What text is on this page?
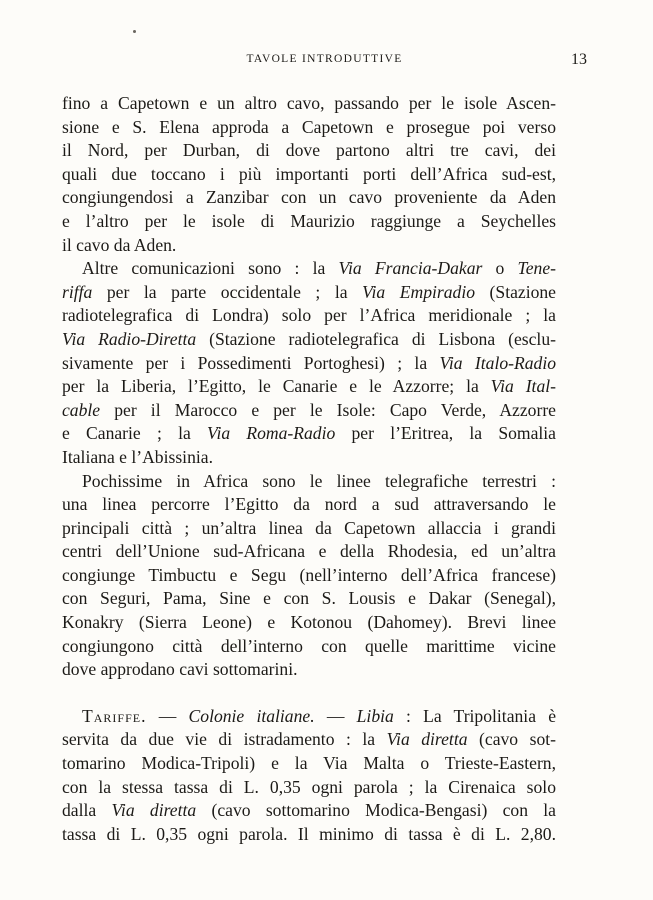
TAVOLE INTRODUTTIVE	13
fino a Capetown e un altro cavo, passando per le isole Ascen-
sione e S. Elena approda a Capetown e prosegue poi verso
il Nord, per Durban, di dove partono altri tre cavi, dei
quali due toccano i più importanti porti dell’Africa sud-est,
congiungendosi a Zanzibar con un cavo proveniente da Aden
e l’altro per le isole di Maurizio raggiunge a Seychelles
il cavo da Aden.
Altre comunicazioni sono : la Via Francia-Dakar o Tene-
riffa per la parte occidentale ; la Via Empiradio (Stazione
radiotelegrafica di Londra) solo per l’Africa meridionale ; la
Via Radio-Diretta (Stazione radiotelegrafica di Lisbona (esclu-
sivamente per i Possedimenti Portoghesi) ; la Via Italo-Radio
per la Liberia, l’Egitto, le Canarie e le Azzorre; la Via Ital-
cable per il Marocco e per le Isole: Capo Verde, Azzorre
e Canarie ; la Via Roma-Radio per l’Eritrea, la Somalia
Italiana e l’Abissinia.
Pochissime in Africa sono le linee telegrafiche terrestri :
una linea percorre l’Egitto da nord a sud attraversando le
principali città ; un’altra linea da Capetown allaccia i grandi
centri dell’Unione sud-Africana e della Rhodesia, ed un’altra
congiunge Timbuctu e Segu (nell’interno dell’Africa francese)
con Seguri, Pama, Sine e con S. Lousis e Dakar (Senegal),
Konakry (Sierra Leone) e Kotonou (Dahomey). Brevi linee
congiungono città dell’interno con quelle marittime vicine
dove approdano cavi sottomarini.
Tariffe. — Colonie italiane. — Libia : La Tripolitania è
servita da due vie di istradamento : la Via diretta (cavo sot-
tomarino Modica-Tripoli) e la Via Malta o Trieste-Eastern,
con la stessa tassa di L. 0,35 ogni parola ; la Cirenaica solo
dalla Via diretta (cavo sottomarino Modica-Bengasi) con la
tassa di L. 0,35 ogni parola. Il minimo di tassa è di L. 2,80.
